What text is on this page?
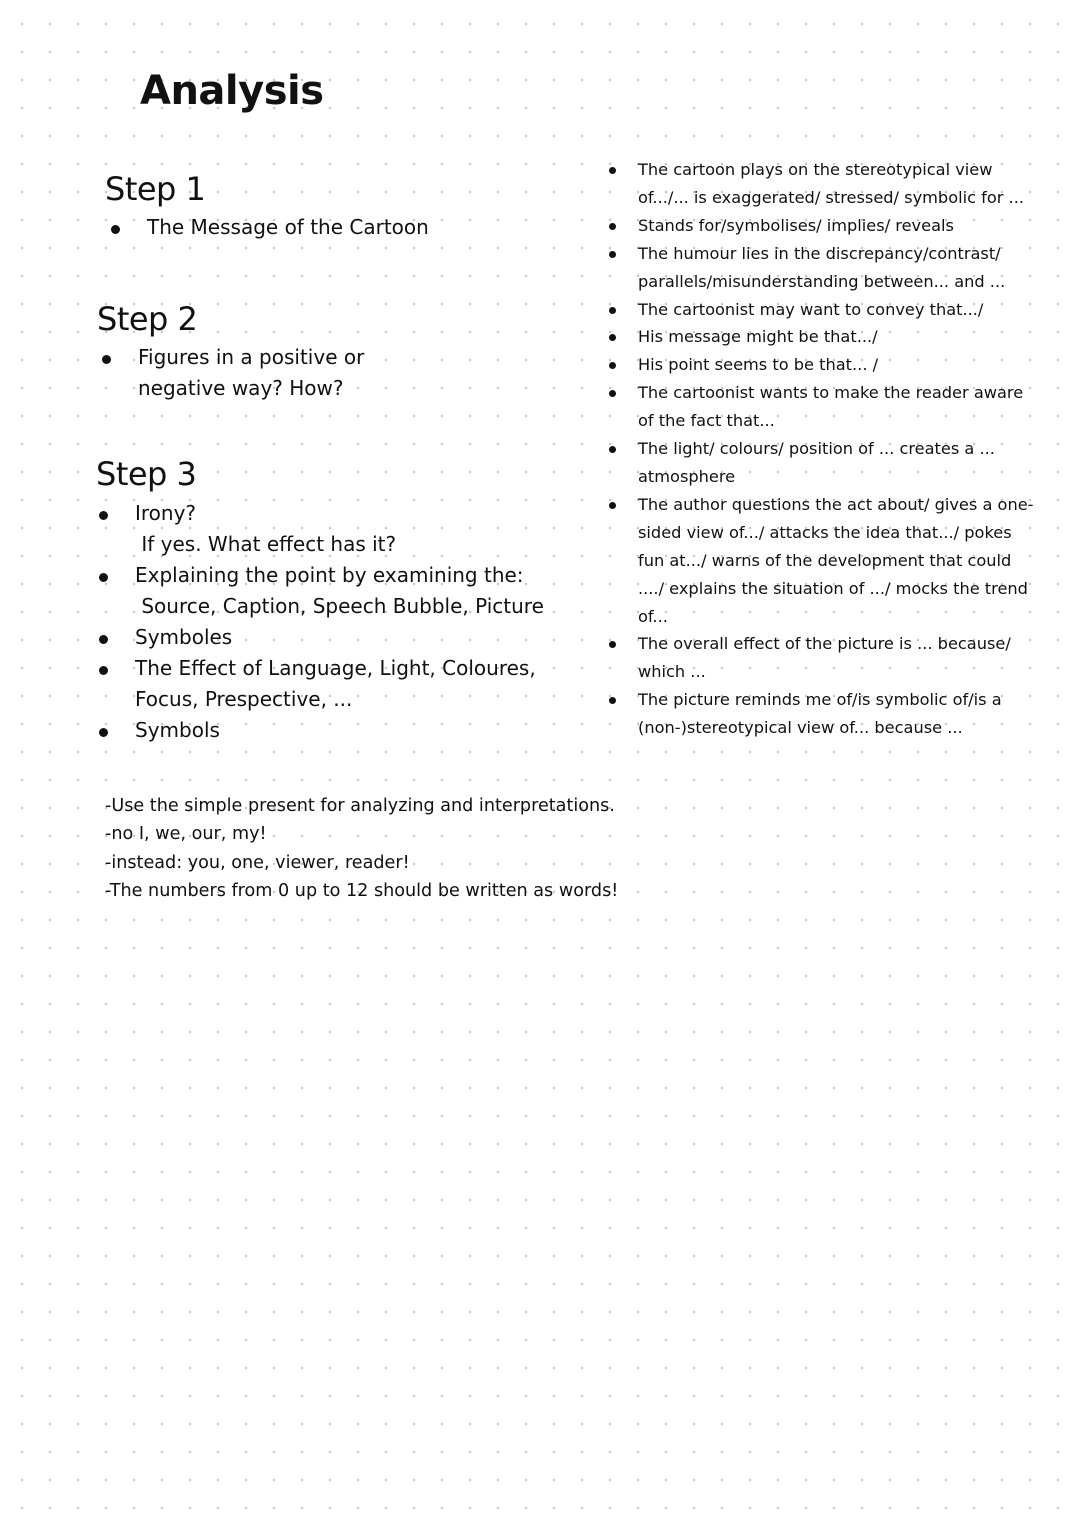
Analysis
Step 1
The Message of the Cartoon
Step 2
Figures in a positive or
negative way? How?
Step 3
Irony?
If yes. What effect has it?
Explaining the point by examining the:
Source, Caption, Speech Bubble, Picture
Symboles
The Effect of Language, Light, Coloures,
Focus, Prespective, ...
Symbols
The cartoon plays on the stereotypical view of.../... is exaggerated/ stressed/ symbolic for ...
Stands for/symbolises/ implies/ reveals
The humour lies in the discrepancy/contrast/ parallels/misunderstanding between... and ...
The cartoonist may want to convey that.../
His message might be that.../
His point seems to be that... /
The cartoonist wants to make the reader aware of the fact that...
The light/ colours/ position of ... creates a ... atmosphere
The author questions the act about/ gives a one-sided view of.../ attacks the idea that.../ pokes fun at.../ warns of the development that could ..../ explains the situation of .../ mocks the trend of...
The overall effect of the picture is ... because/ which ...
The picture reminds me of/is symbolic of/is a (non-)stereotypical view of... because ...
-Use the simple present for analyzing and interpretations.
-no I, we, our, my!
-instead: you, one, viewer, reader!
-The numbers from 0 up to 12 should be written as words!
